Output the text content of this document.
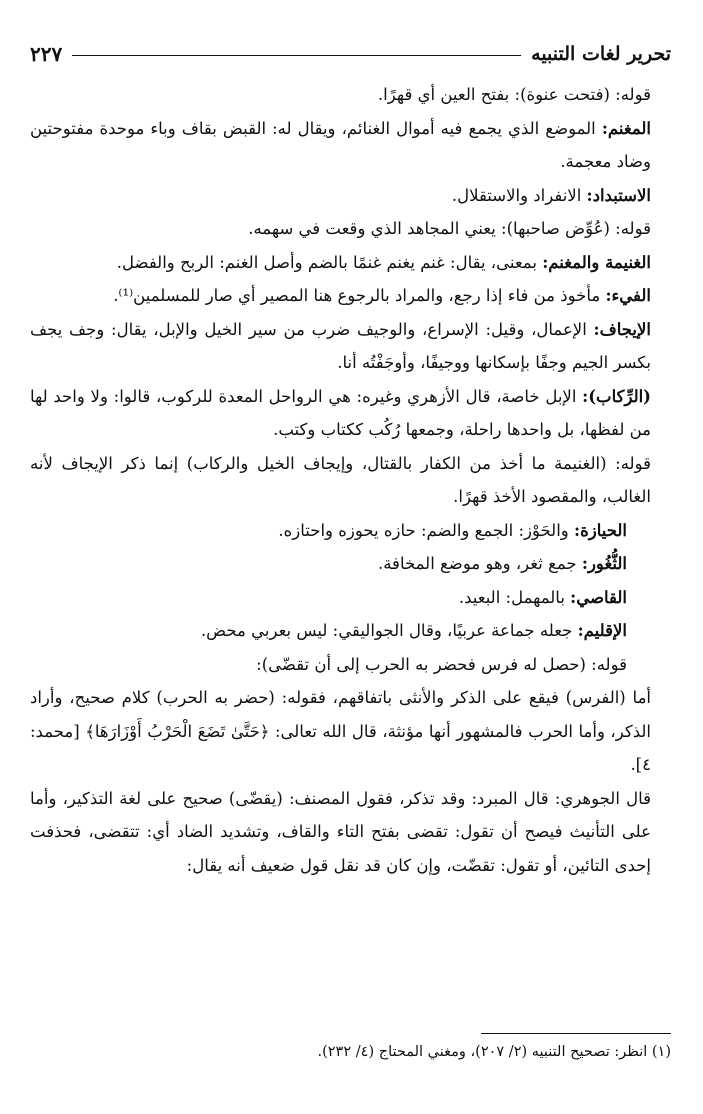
تحرير لغات التنبيه
٢٢٧

قوله: (فتحت عنوة): بفتح العين أي قهرًا.

المغنم: الموضع الذي يجمع فيه أموال الغنائم، ويقال له: القبض بقاف وباء موحدة مفتوحتين وضاد معجمة.

الاستبداد: الانفراد والاستقلال.

قوله: (عُوِّض صاحبها): يعني المجاهد الذي وقعت في سهمه.

الغنيمة والمغنم: بمعنى، يقال: غنم يغنم غنمًا بالضم وأصل الغنم: الربح والفضل.

الفيء: مأخوذ من فاء إذا رجع، والمراد بالرجوع هنا المصير أي صار للمسلمين⁽¹⁾.

الإيجاف: الإعمال، وقيل: الإسراع، والوجيف ضرب من سير الخيل والإبل، يقال: وجف يجف بكسر الجيم وجفًا بإسكانها ووجيفًا، وأوجَفْتُه أنا.

(الرِّكاب): الإبل خاصة، قال الأزهري وغيره: هي الرواحل المعدة للركوب، قالوا: ولا واحد لها من لفظها، بل واحدها راحلة، وجمعها رُكُب ككتاب وكتب.

قوله: (الغنيمة ما أخذ من الكفار بالقتال، وإيجاف الخيل والركاب) إنما ذكر الإيجاف لأنه الغالب، والمقصود الأخذ قهرًا.

الحيازة: والحَوْز: الجمع والضم: حازه يحوزه واحتازه.

الثُّغُور: جمع ثغر، وهو موضع المخافة.

القاصي: بالمهمل: البعيد.

الإقليم: جعله جماعة عربيًا، وقال الجواليقي: ليس بعربي محض.

قوله: (حصل له فرس فحضر به الحرب إلى أن تقضّى):

أما (الفرس) فيقع على الذكر والأنثى باتفاقهم، فقوله: (حضر به الحرب) كلام صحيح، وأراد الذكر، وأما الحرب فالمشهور أنها مؤنثة، قال الله تعالى: ﴿حَتَّىٰ تَضَعَ الْحَرْبُ أَوْزَارَهَا﴾ [محمد: ٤].

قال الجوهري: قال المبرد: وقد تذكر، فقول المصنف: (يقضّى) صحيح على لغة التذكير، وأما على التأنيث فيصح أن تقول: تقضى بفتح التاء والقاف، وتشديد الضاد أي: تتقضى، فحذفت إحدى التائين، أو تقول: تقضّت، وإن كان قد نقل قول ضعيف أنه يقال:

(١) انظر: تصحيح التنبيه (٢/ ٢٠٧)، ومغني المحتاج (٤/ ٢٣٢).
